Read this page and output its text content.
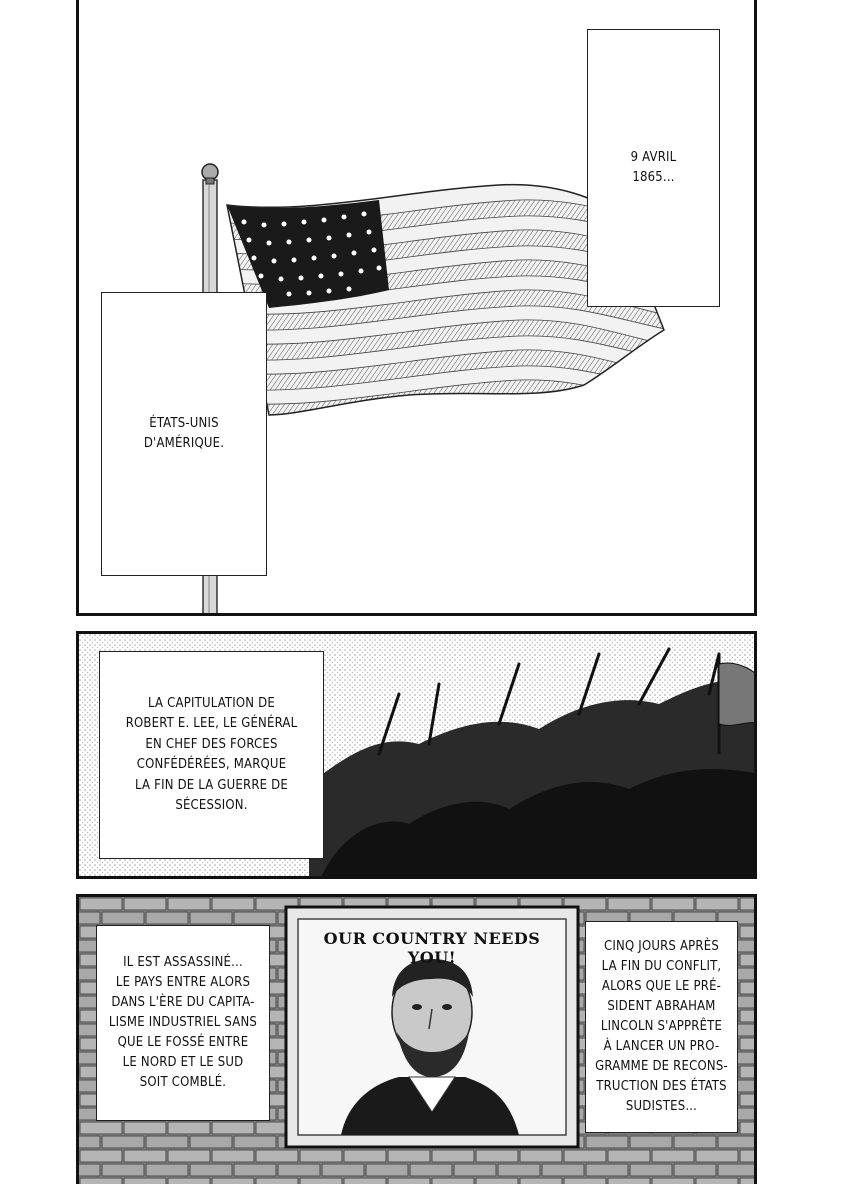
9 AVRIL
1865...
ÉTATS-UNIS
D'AMÉRIQUE.
LA CAPITULATION DE
ROBERT E. LEE, LE GÉNÉRAL
EN CHEF DES FORCES
CONFÉDÉRÉES, MARQUE
LA FIN DE LA GUERRE DE
SÉCESSION.
OUR COUNTRY NEEDS YOU!
IL EST ASSASSINÉ...
LE PAYS ENTRE ALORS
DANS L'ÈRE DU CAPITA-
LISME INDUSTRIEL SANS
QUE LE FOSSÉ ENTRE
LE NORD ET LE SUD
SOIT COMBLÉ.
CINQ JOURS APRÈS
LA FIN DU CONFLIT,
ALORS QUE LE PRÉ-
SIDENT ABRAHAM
LINCOLN S'APPRÊTE
À LANCER UN PRO-
GRAMME DE RECONS-
TRUCTION DES ÉTATS
SUDISTES...
